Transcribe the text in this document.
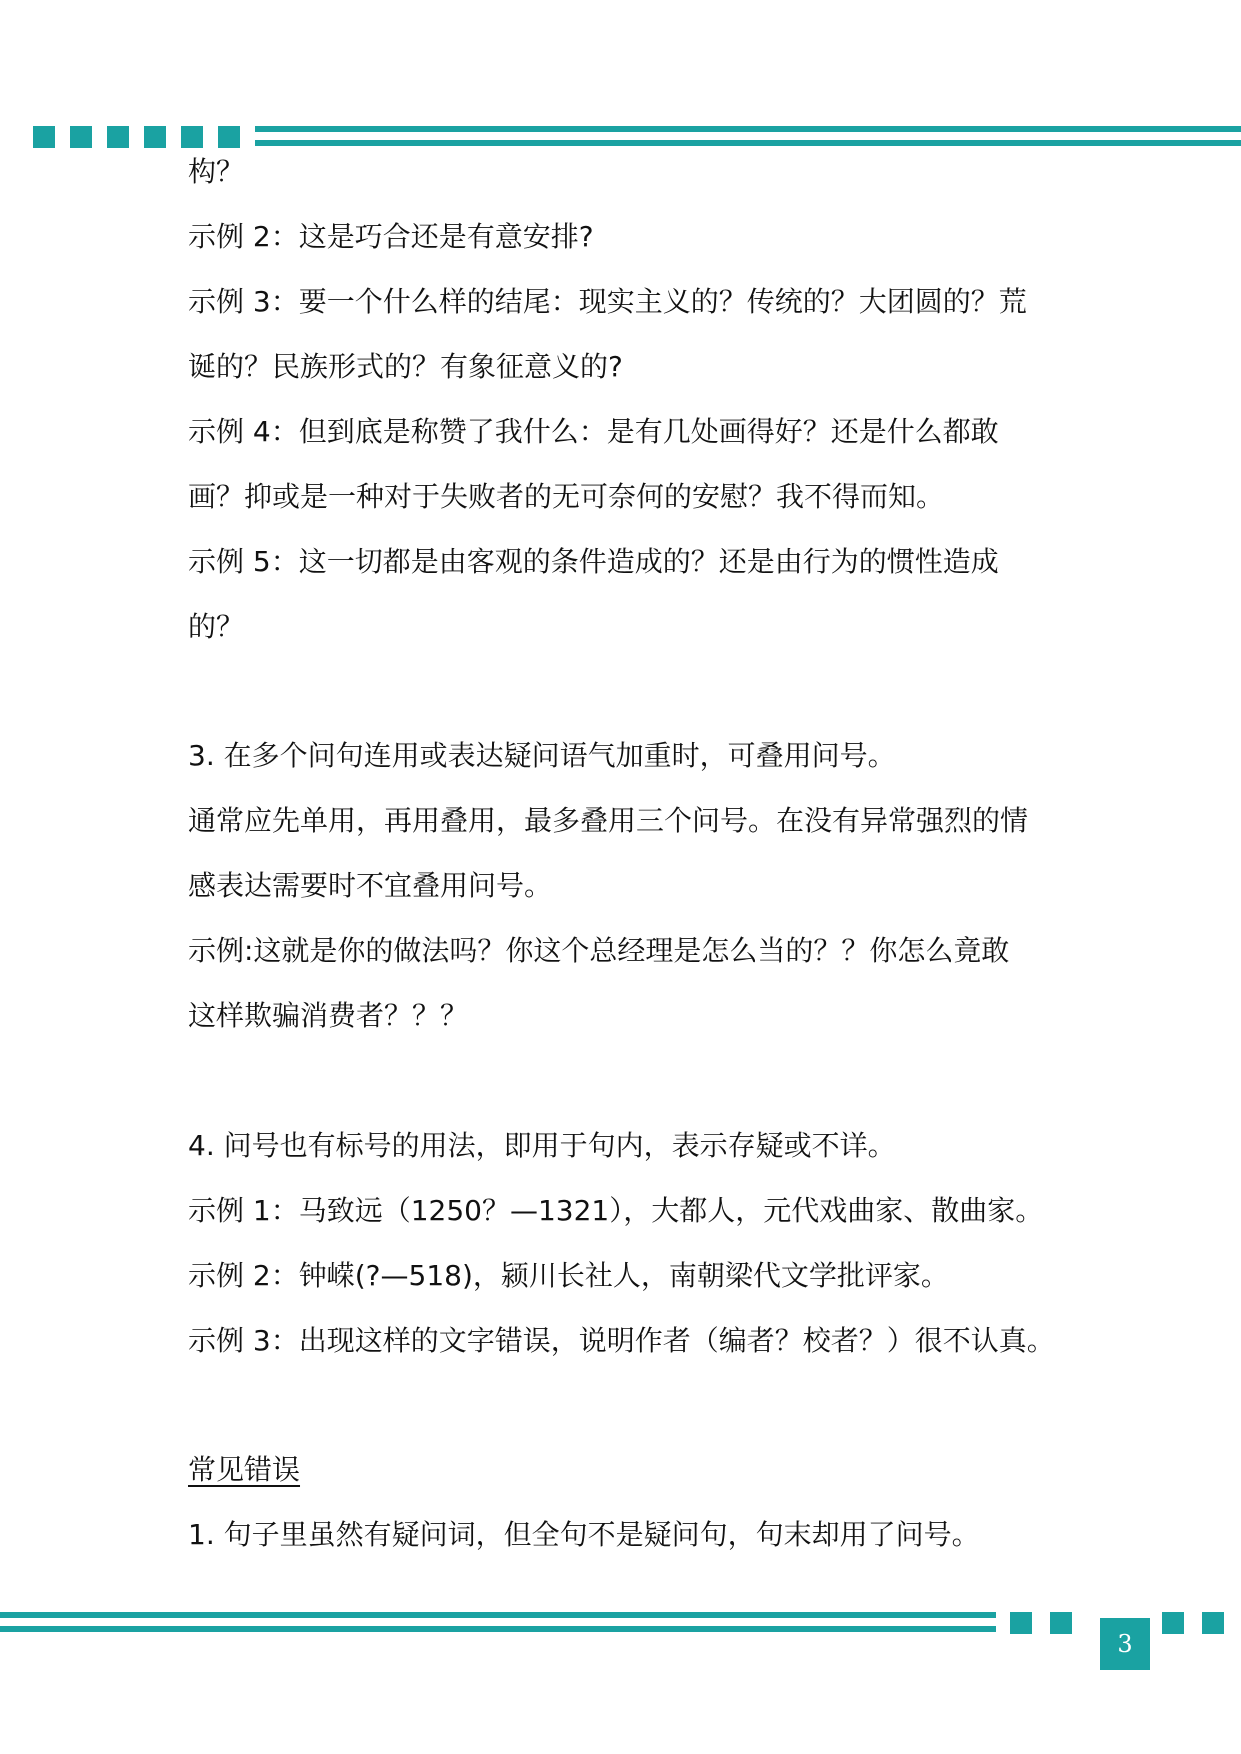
构？
示例 2：这是巧合还是有意安排?
示例 3：要一个什么样的结尾：现实主义的？传统的？大团圆的？荒
诞的？民族形式的？有象征意义的?
示例 4：但到底是称赞了我什么：是有几处画得好？还是什么都敢
画？抑或是一种对于失败者的无可奈何的安慰？我不得而知。
示例 5：这一切都是由客观的条件造成的？还是由行为的惯性造成
的？
3. 在多个问句连用或表达疑问语气加重时，可叠用问号。
通常应先单用，再用叠用，最多叠用三个问号。在没有异常强烈的情
感表达需要时不宜叠用问号。
示例:这就是你的做法吗？你这个总经理是怎么当的？？你怎么竟敢
这样欺骗消费者？？？
4. 问号也有标号的用法，即用于句内，表示存疑或不详。
示例 1：马致远（1250？—1321），大都人，元代戏曲家、散曲家。
示例 2：钟嵘(?—518)，颍川长社人，南朝梁代文学批评家。
示例 3：出现这样的文字错误，说明作者（编者？校者？）很不认真。
常见错误
1. 句子里虽然有疑问词，但全句不是疑问句，句末却用了问号。
3
